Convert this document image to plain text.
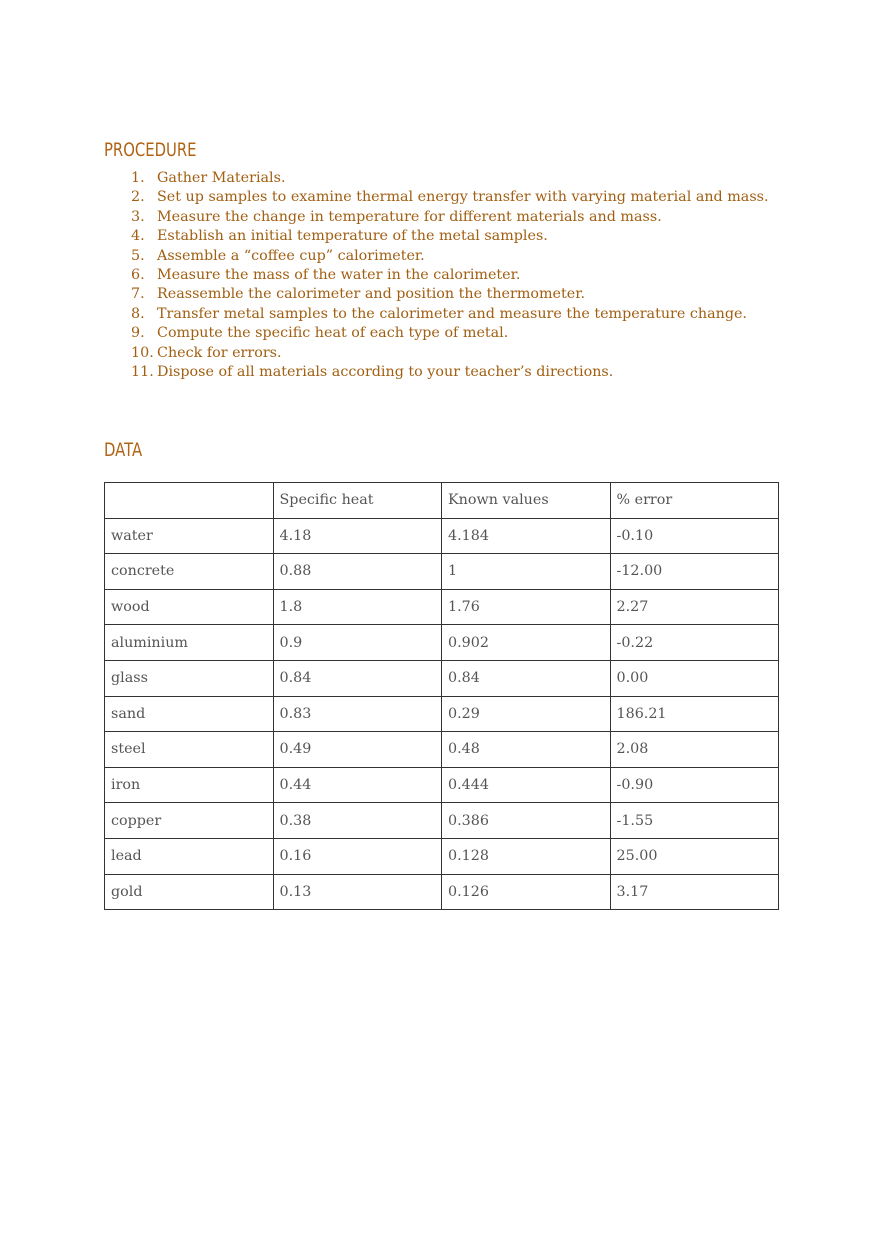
PROCEDURE
1. Gather Materials.
2. Set up samples to examine thermal energy transfer with varying material and mass.
3. Measure the change in temperature for different materials and mass.
4. Establish an initial temperature of the metal samples.
5. Assemble a “coffee cup” calorimeter.
6. Measure the mass of the water in the calorimeter.
7. Reassemble the calorimeter and position the thermometer.
8. Transfer metal samples to the calorimeter and measure the temperature change.
9. Compute the specific heat of each type of metal.
10. Check for errors.
11. Dispose of all materials according to your teacher’s directions.
DATA
	Specific heat	Known values	% error
water	4.18	4.184	-0.10
concrete	0.88	1	-12.00
wood	1.8	1.76	2.27
aluminium	0.9	0.902	-0.22
glass	0.84	0.84	0.00
sand	0.83	0.29	186.21
steel	0.49	0.48	2.08
iron	0.44	0.444	-0.90
copper	0.38	0.386	-1.55
lead	0.16	0.128	25.00
gold	0.13	0.126	3.17
